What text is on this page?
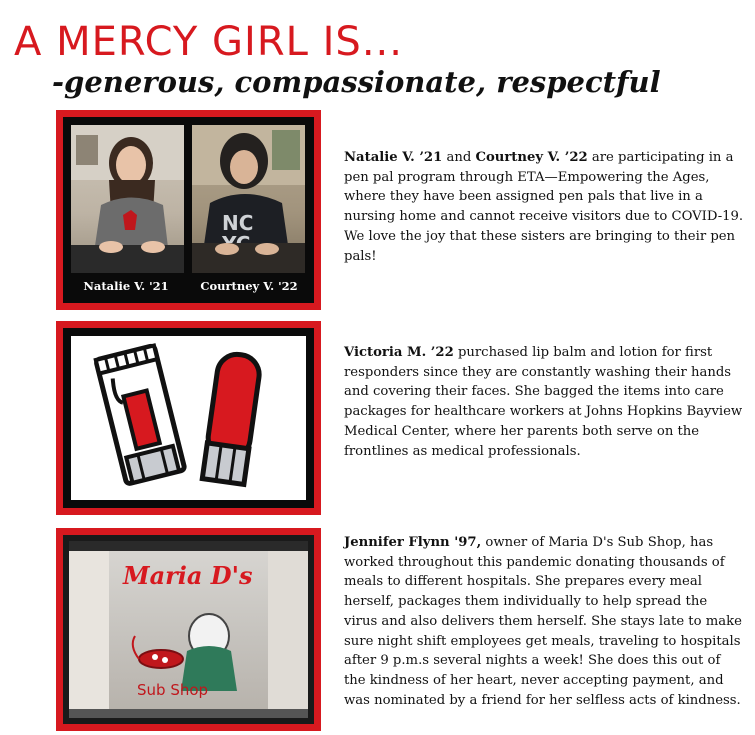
A MERCY GIRL IS...
-generous, compassionate, respectful
NC
Natalie V. '21	Courtney V. '22
Natalie V. ’21 and Courtney V. ’22 are participating in a pen pal program through ETA—Empowering the Ages, where they have been assigned pen pals that live in a nursing home and cannot receive visitors due to COVID-19. We love the joy that these sisters are bringing to their pen pals!
Victoria M. ’22 purchased lip balm and lotion for first responders since they are constantly washing their hands and covering their faces. She bagged the items into care packages for healthcare workers at Johns Hopkins Bayview Medical Center, where her parents both serve on the frontlines as medical professionals.
Maria D's
Sub Shop
Jennifer Flynn '97, owner of Maria D's Sub Shop, has worked throughout this pandemic donating thousands of meals to different hospitals. She prepares every meal herself, packages them individually to help spread the virus and also delivers them herself. She stays late to make sure night shift employees get meals, traveling to hospitals after 9 p.m.s several nights a week! She does this out of the kindness of her heart, never accepting payment, and was nominated by a friend for her selfless acts of kindness.
